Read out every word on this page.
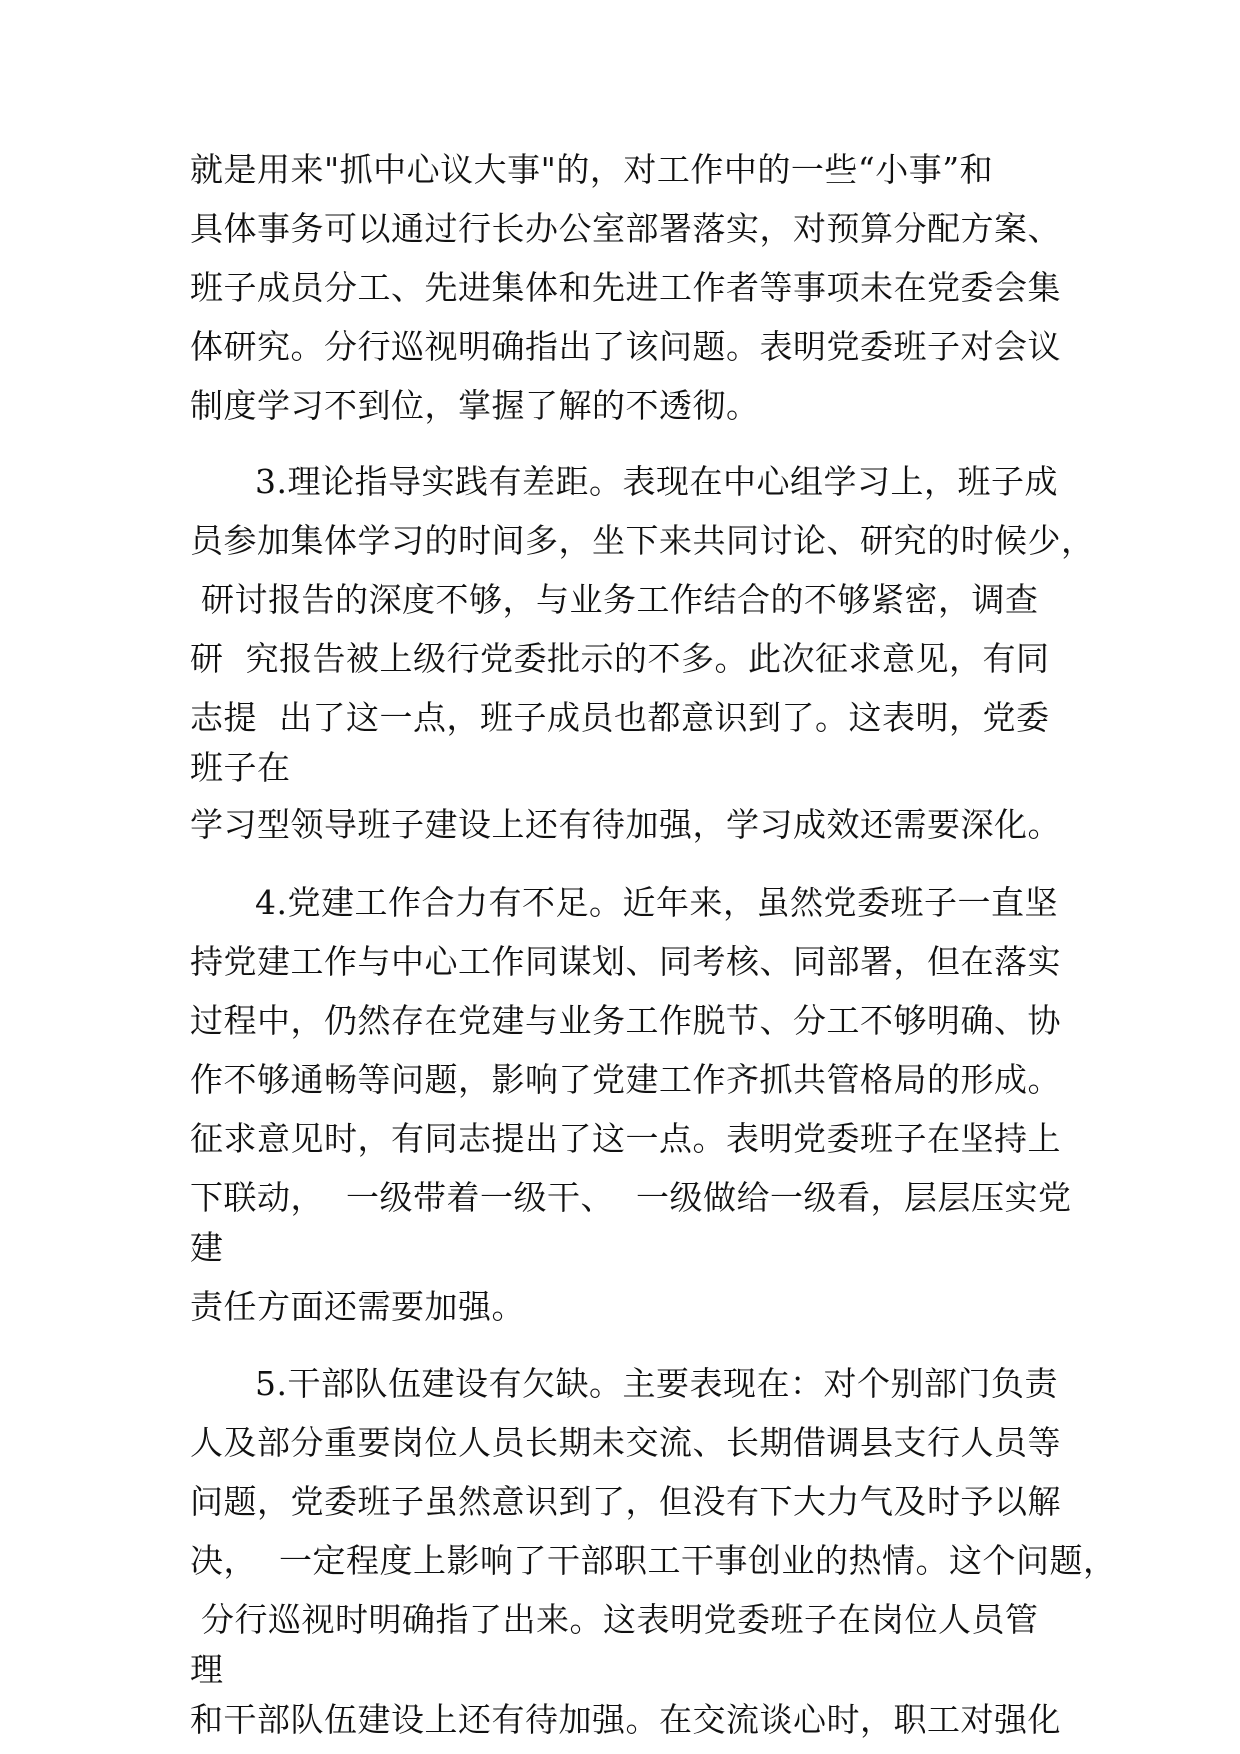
就是用来"抓中心议大事"的，对工作中的一些“小事”和
具体事务可以通过行长办公室部署落实，对预算分配方案、
班子成员分工、先进集体和先进工作者等事项未在党委会集
体研究。分行巡视明确指出了该问题。表明党委班子对会议
制度学习不到位，掌握了解的不透彻。
3.理论指导实践有差距。表现在中心组学习上，班子成
员参加集体学习的时间多，坐下来共同讨论、研究的时候少，
研讨报告的深度不够，与业务工作结合的不够紧密，调查
研  究报告被上级行党委批示的不多。此次征求意见，有同
志提  出了这一点，班子成员也都意识到了。这表明，党委
班子在
学习型领导班子建设上还有待加强，学习成效还需要深化。
4.党建工作合力有不足。近年来，虽然党委班子一直坚
持党建工作与中心工作同谋划、同考核、同部署，但在落实
过程中，仍然存在党建与业务工作脱节、分工不够明确、协
作不够通畅等问题，影响了党建工作齐抓共管格局的形成。
征求意见时，有同志提出了这一点。表明党委班子在坚持上
下联动，  一级带着一级干、  一级做给一级看，层层压实党
建
责任方面还需要加强。
5.干部队伍建设有欠缺。主要表现在：对个别部门负责
人及部分重要岗位人员长期未交流、长期借调县支行人员等
问题，党委班子虽然意识到了，但没有下大力气及时予以解
决，  一定程度上影响了干部职工干事创业的热情。这个问题，
分行巡视时明确指了出来。这表明党委班子在岗位人员管
理
和干部队伍建设上还有待加强。在交流谈心时，职工对强化
